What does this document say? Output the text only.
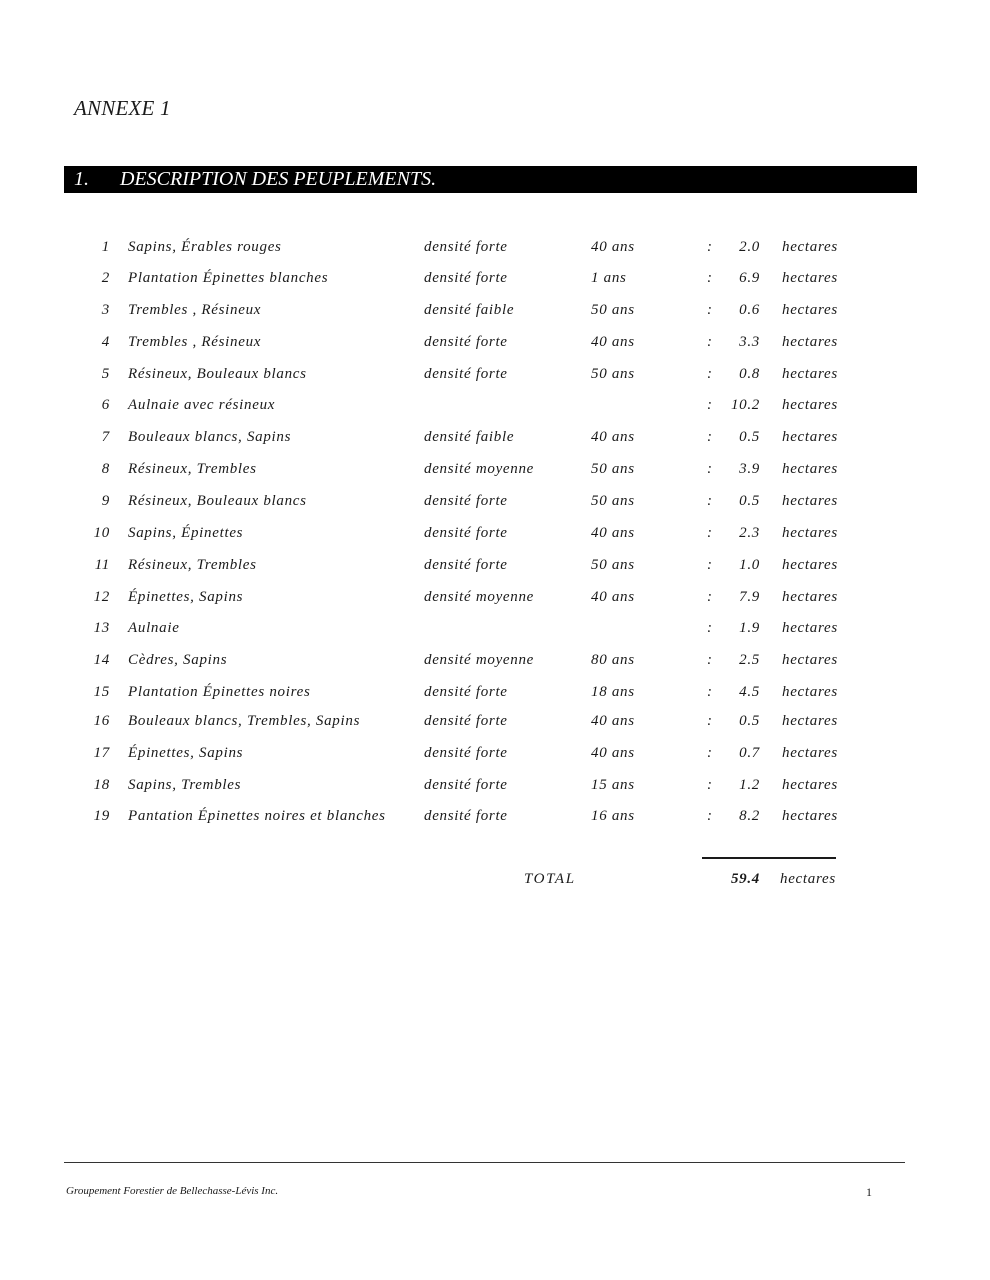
ANNEXE 1
1. DESCRIPTION DES PEUPLEMENTS.
1 Sapins, Érables rouges	densité forte	40 ans	:	2.0 hectares
2 Plantation Épinettes blanches	densité forte	1 ans	:	6.9 hectares
3 Trembles , Résineux	densité faible	50 ans	:	0.6 hectares
4 Trembles , Résineux	densité forte	40 ans	:	3.3 hectares
5 Résineux, Bouleaux blancs	densité forte	50 ans	:	0.8 hectares
6 Aulnaie avec résineux	:	10.2 hectares
7 Bouleaux blancs, Sapins	densité faible	40 ans	:	0.5 hectares
8 Résineux, Trembles	densité moyenne	50 ans	:	3.9 hectares
9 Résineux, Bouleaux blancs	densité forte	50 ans	:	0.5 hectares
10 Sapins, Épinettes	densité forte	40 ans	:	2.3 hectares
11 Résineux, Trembles	densité forte	50 ans	:	1.0 hectares
12 Épinettes, Sapins	densité moyenne	40 ans	:	7.9 hectares
13 Aulnaie	:	1.9 hectares
14 Cèdres, Sapins	densité moyenne	80 ans	:	2.5 hectares
15 Plantation Épinettes noires	densité forte	18 ans	:	4.5 hectares
16 Bouleaux blancs, Trembles, Sapins	densité forte	40 ans	:	0.5 hectares
17 Épinettes, Sapins	densité forte	40 ans	:	0.7 hectares
18 Sapins, Trembles	densité forte	15 ans	:	1.2 hectares
19 Pantation Épinettes noires et blanches	densité forte	16 ans	:	8.2 hectares
TOTAL	59.4 hectares
Groupement Forestier de Bellechasse-Lévis Inc.	1
